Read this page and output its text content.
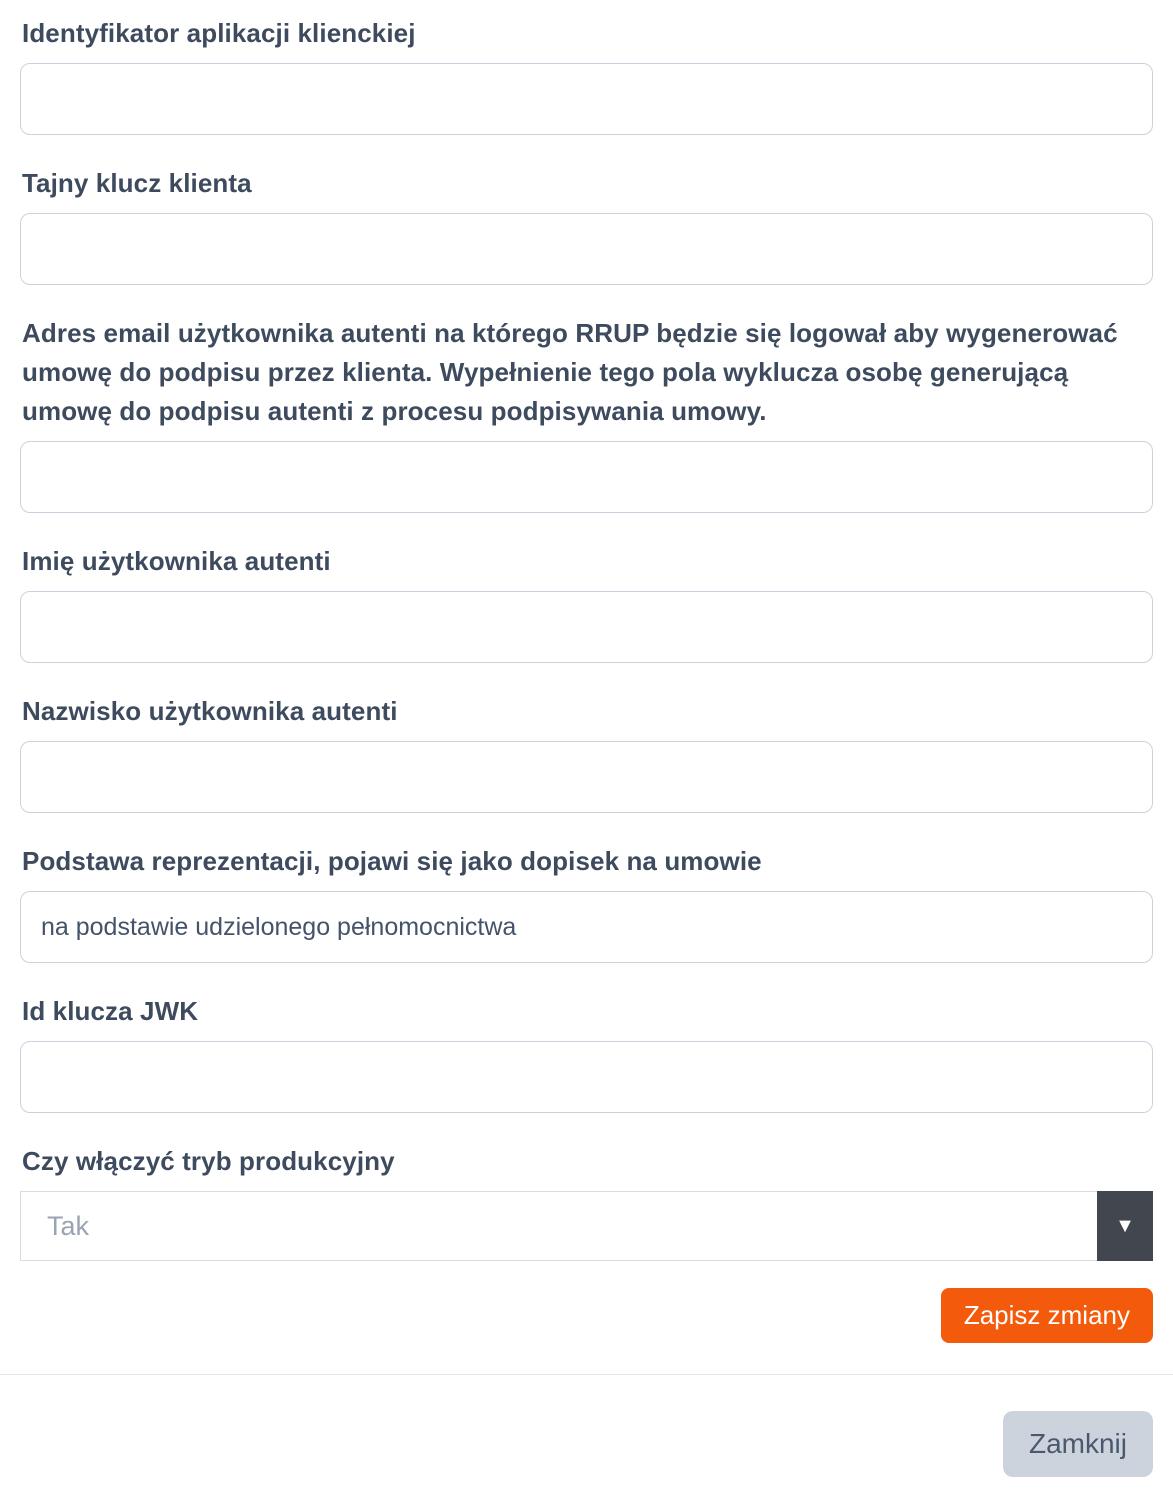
Identyfikator aplikacji klienckiej
Tajny klucz klienta
Adres email użytkownika autenti na którego RRUP będzie się logował aby wygenerować umowę do podpisu przez klienta. Wypełnienie tego pola wyklucza osobę generującą umowę do podpisu autenti z procesu podpisywania umowy.
Imię użytkownika autenti
Nazwisko użytkownika autenti
Podstawa reprezentacji, pojawi się jako dopisek na umowie
na podstawie udzielonego pełnomocnictwa
Id klucza JWK
Czy włączyć tryb produkcyjny
Tak	▼
Zapisz zmiany
Zamknij
